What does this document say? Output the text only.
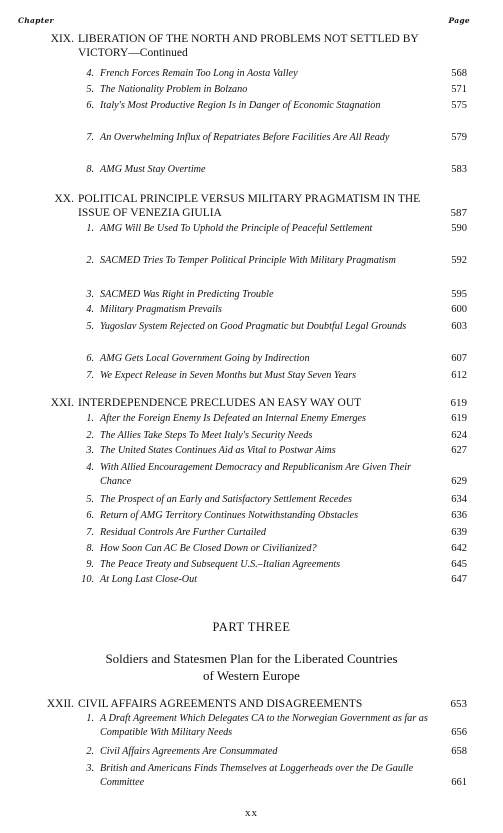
Chapter	Page
XIX. LIBERATION OF THE NORTH AND PROBLEMS NOT SETTLED BY VICTORY—Continued
4. French Forces Remain Too Long in Aosta Valley	568
5. The Nationality Problem in Bolzano	571
6. Italy's Most Productive Region Is in Danger of Economic Stagnation	575
7. An Overwhelming Influx of Repatriates Before Facilities Are All Ready	579
8. AMG Must Stay Overtime	583
XX. POLITICAL PRINCIPLE VERSUS MILITARY PRAGMATISM IN THE ISSUE OF VENEZIA GIULIA	587
1. AMG Will Be Used To Uphold the Principle of Peaceful Settlement	590
2. SACMED Tries To Temper Political Principle With Military Pragmatism	592
3. SACMED Was Right in Predicting Trouble	595
4. Military Pragmatism Prevails	600
5. Yugoslav System Rejected on Good Pragmatic but Doubtful Legal Grounds	603
6. AMG Gets Local Government Going by Indirection	607
7. We Expect Release in Seven Months but Must Stay Seven Years	612
XXI. INTERDEPENDENCE PRECLUDES AN EASY WAY OUT	619
1. After the Foreign Enemy Is Defeated an Internal Enemy Emerges	619
2. The Allies Take Steps To Meet Italy's Security Needs	624
3. The United States Continues Aid as Vital to Postwar Aims	627
4. With Allied Encouragement Democracy and Republicanism Are Given Their Chance	629
5. The Prospect of an Early and Satisfactory Settlement Recedes	634
6. Return of AMG Territory Continues Notwithstanding Obstacles	636
7. Residual Controls Are Further Curtailed	639
8. How Soon Can AC Be Closed Down or Civilianized?	642
9. The Peace Treaty and Subsequent U.S.–Italian Agreements	645
10. At Long Last Close-Out	647
PART THREE
Soldiers and Statesmen Plan for the Liberated Countries
of Western Europe
XXII. CIVIL AFFAIRS AGREEMENTS AND DISAGREEMENTS	653
1. A Draft Agreement Which Delegates CA to the Norwegian Government as far as Compatible With Military Needs	656
2. Civil Affairs Agreements Are Consummated	658
3. British and Americans Finds Themselves at Loggerheads over the De Gaulle Committee	661
xx
